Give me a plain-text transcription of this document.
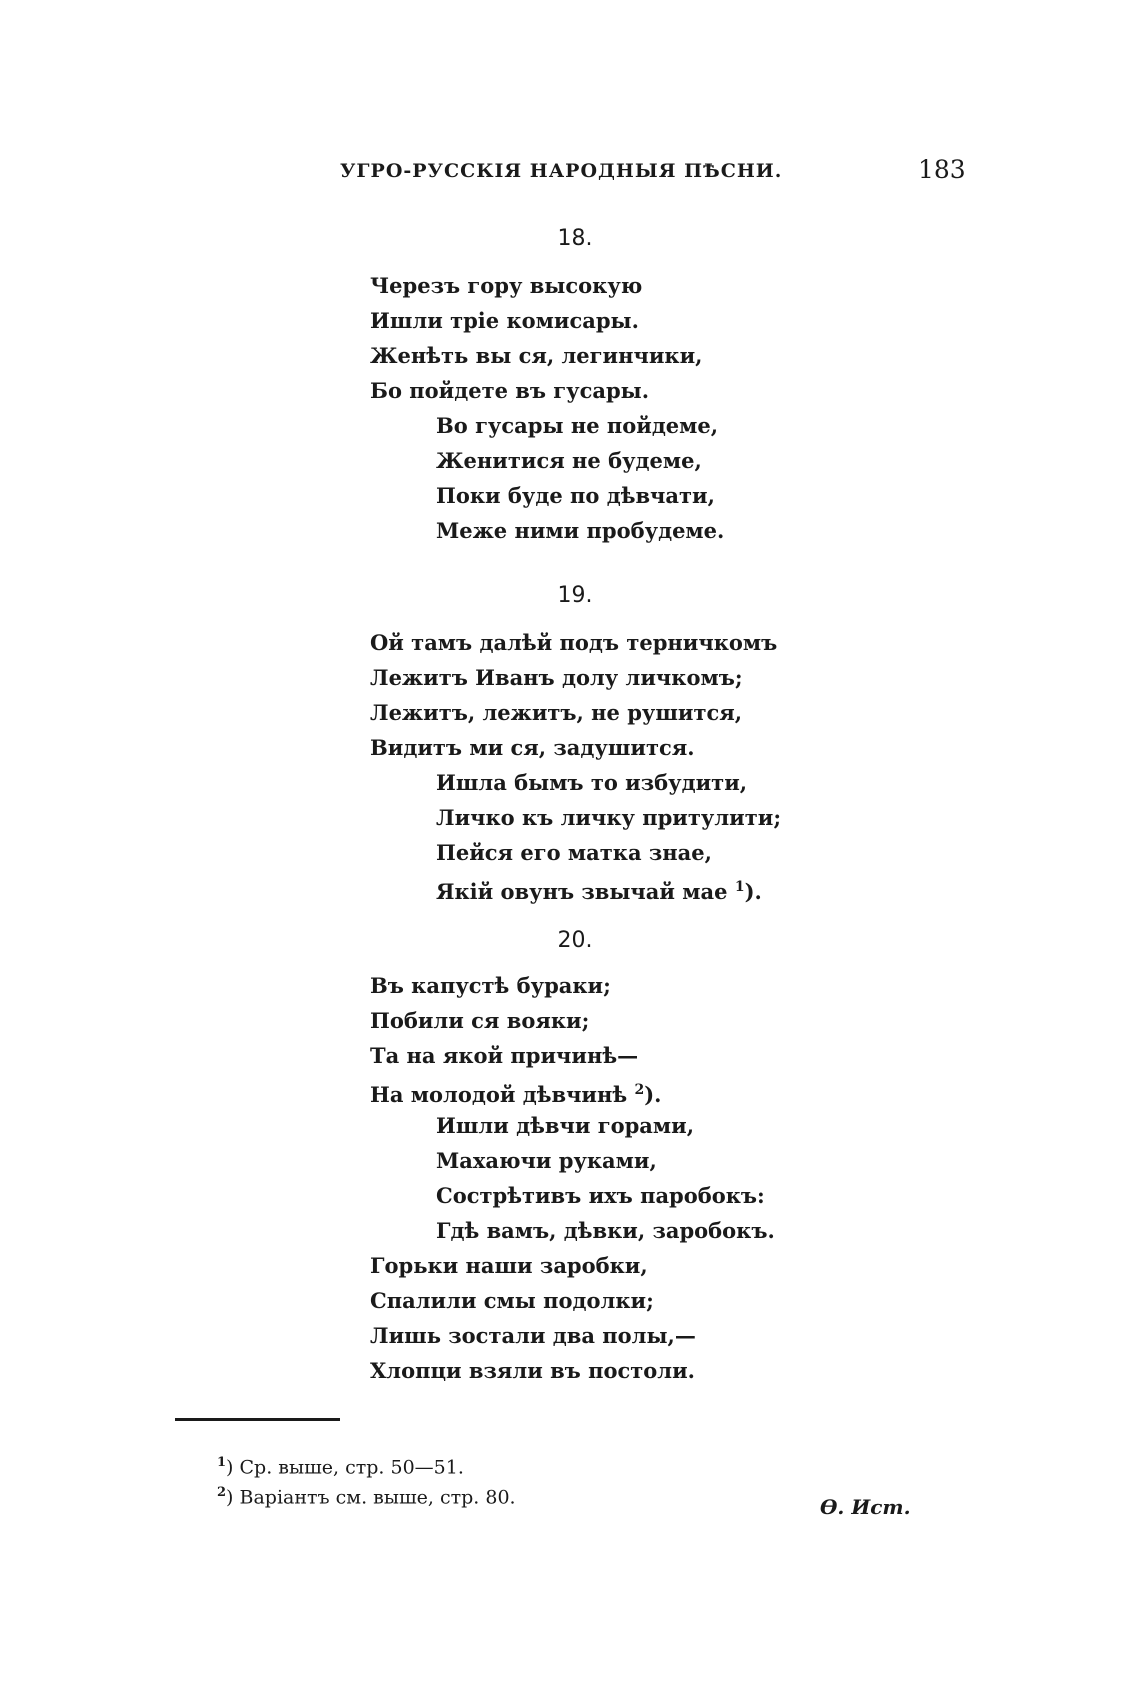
УГРО-РУССКІЯ НАРОДНЫЯ ПѢСНИ.	183
18.
Черезъ гору высокую
Ишли тріе комисары.
Женѣть вы ся, легинчики,
Бо пойдете въ гусары.
Во гусары не пойдеме,
Женитися не будеме,
Поки буде по дѣвчати,
Меже ними пробудеме.
19.
Ой тамъ далѣй подъ терничкомъ
Лежитъ Иванъ долу личкомъ;
Лежитъ, лежитъ, не рушится,
Видитъ ми ся, задушится.
Ишла бымъ то избудити,
Личко къ личку притулити;
Пейся его матка знае,
Якій овунъ звычай мае $^1$).
20.
Въ капустѣ бураки;
Побили ся вояки;
Та на якой причинѣ—
На молодой дѣвчинѣ $^2$).
Ишли дѣвчи горами,
Махаючи руками,
Сострѣтивъ ихъ паробокъ:
Гдѣ вамъ, дѣвки, заробокъ.
Горьки наши заробки,
Спалили смы подолки;
Лишь зостали два полы,—
Хлопци взяли въ постоли.
$^1$) Ср. выше, стр. 50—51.
$^2$) Варіантъ см. выше, стр. 80.	Ѳ. Ист.
